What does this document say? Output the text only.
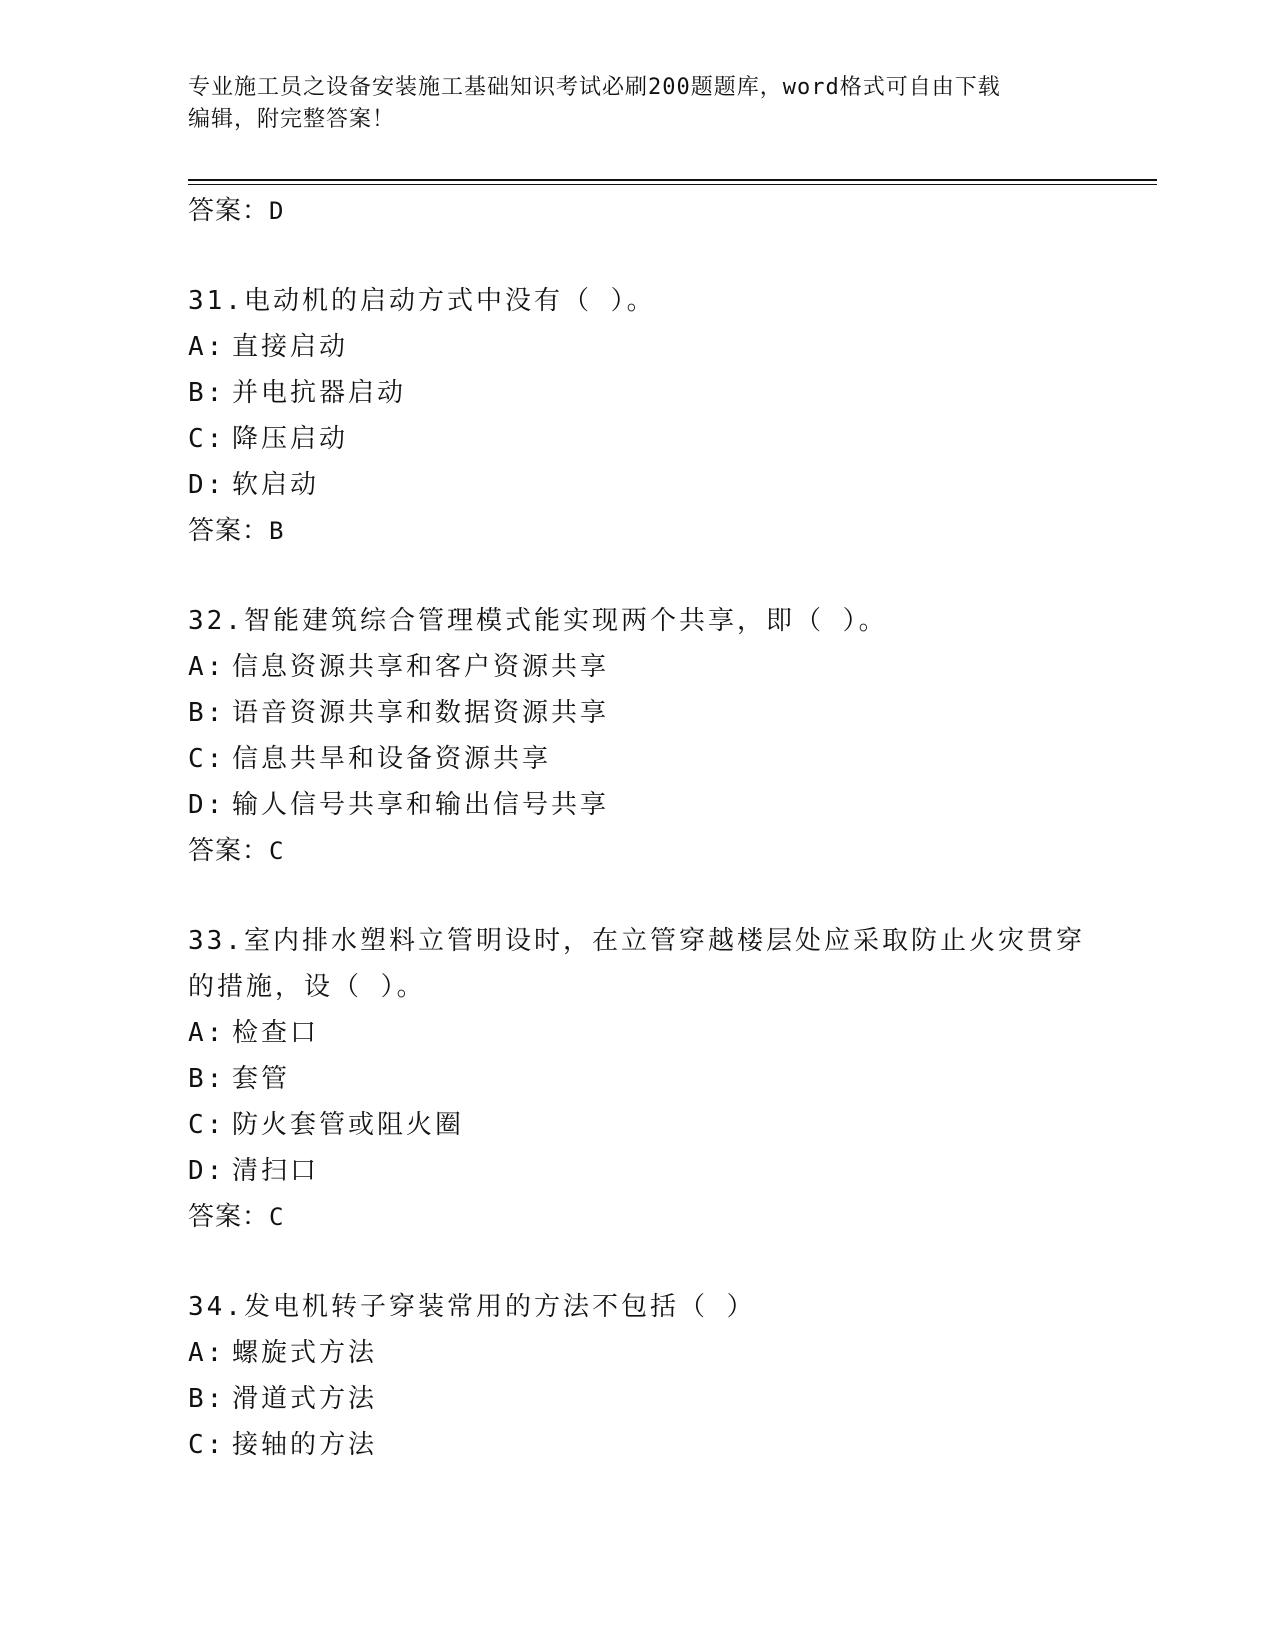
专业施工员之设备安装施工基础知识考试必刷200题题库，word格式可自由下载
编辑，附完整答案！

答案：D

31.电动机的启动方式中没有（ ）。

A: 直接启动

B: 并电抗器启动

C: 降压启动

D: 软启动

答案：B

32.智能建筑综合管理模式能实现两个共享，即（ ）。

A: 信息资源共享和客户资源共享

B: 语音资源共享和数据资源共享

C: 信息共旱和设备资源共享

D: 输人信号共享和输出信号共享

答案：C

33.室内排水塑料立管明设时，在立管穿越楼层处应采取防止火灾贯穿的措施，设（ ）。

A: 检查口

B: 套管

C: 防火套管或阻火圈

D: 清扫口

答案：C

34.发电机转子穿装常用的方法不包括（ ）

A: 螺旋式方法

B: 滑道式方法

C: 接轴的方法
